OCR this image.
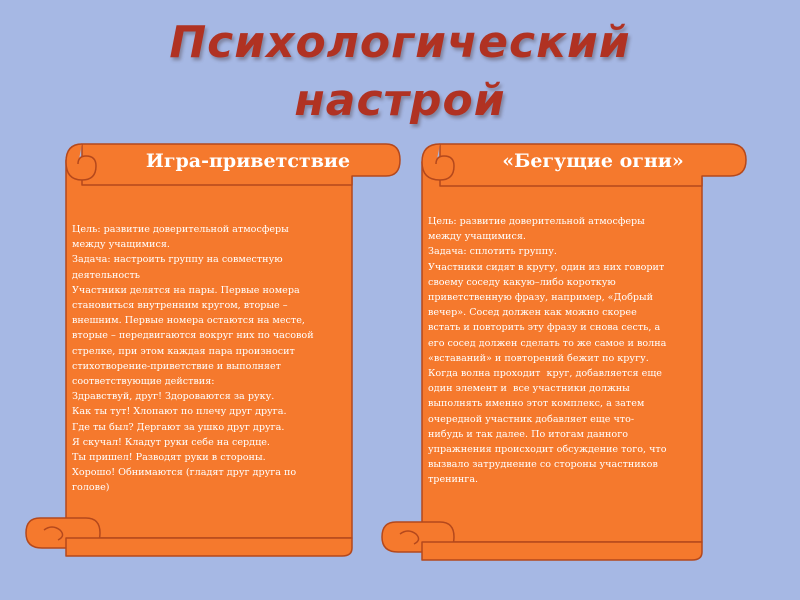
Психологический
настрой
Игра-приветствие
Цель: развитие доверительной атмосферы
между учащимися.
Задача: настроить группу на совместную
деятельность
Участники делятся на пары. Первые номера
становиться внутренним кругом, вторые –
внешним. Первые номера остаются на месте,
вторые – передвигаются вокруг них по часовой
стрелке, при этом каждая пара произносит
стихотворение-приветствие и выполняет
соответствующие действия:
Здравствуй, друг! Здороваются за руку.
Как ты тут! Хлопают по плечу друг друга.
Где ты был? Дергают за ушко друг друга.
Я скучал! Кладут руки себе на сердце.
Ты пришел! Разводят руки в стороны.
Хорошо! Обнимаются (гладят друг друга по
голове)
«Бегущие огни»
Цель: развитие доверительной атмосферы
между учащимися.
Задача: сплотить группу.
Участники сидят в кругу, один из них говорит
своему соседу какую–либо короткую
приветственную фразу, например, «Добрый
вечер». Сосед должен как можно скорее
встать и повторить эту фразу и снова сесть, а
его сосед должен сделать то же самое и волна
«вставаний» и повторений бежит по кругу.
Когда волна проходит  круг, добавляется еще
один элемент и  все участники должны
выполнять именно этот комплекс, а затем
очередной участник добавляет еще что-
нибудь и так далее. По итогам данного
упражнения происходит обсуждение того, что
вызвало затруднение со стороны участников
тренинга.
